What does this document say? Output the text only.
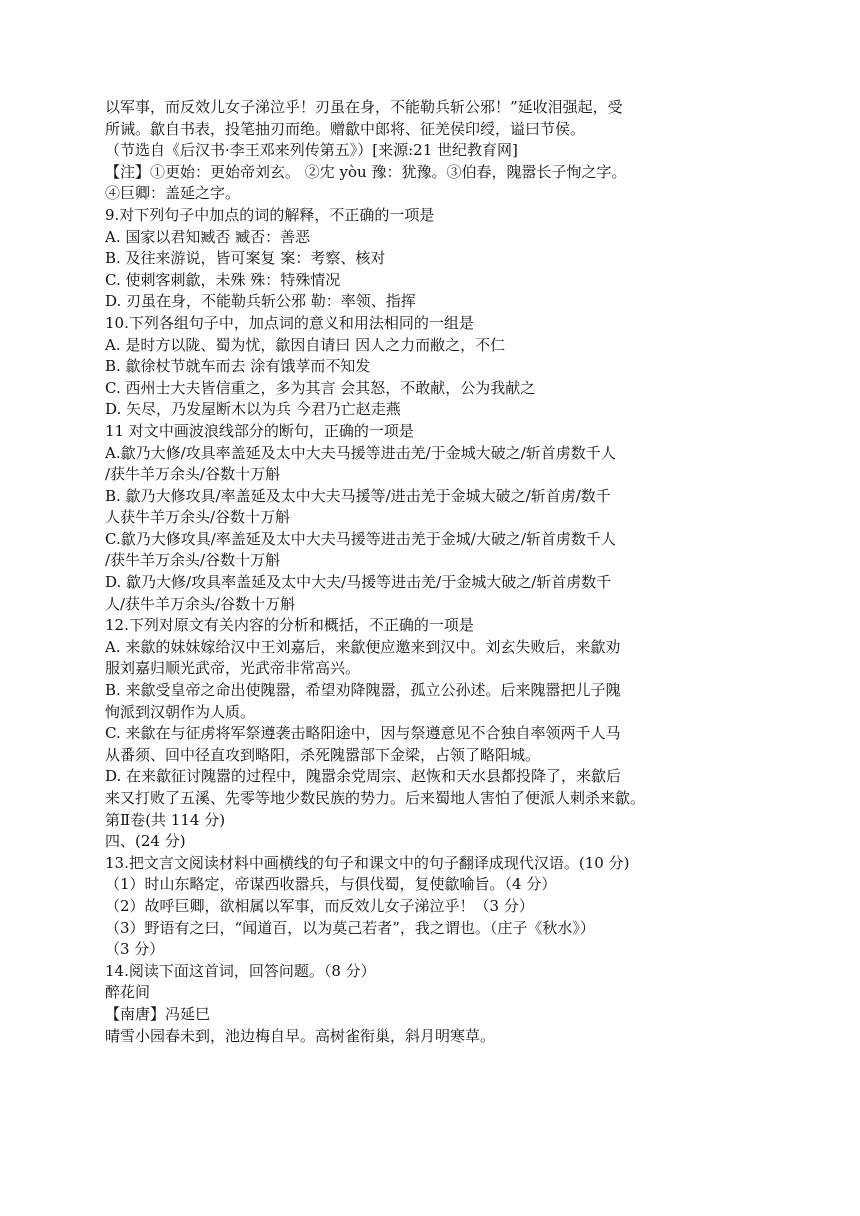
以军事，而反效儿女子涕泣乎！刃虽在身，不能勒兵斩公邪！”延收泪强起，受
所诫。歙自书表，投笔抽刃而绝。赠歙中郎将、征羌侯印绶，谥曰节侯。
（节选自《后汉书·李王邓来列传第五》）[来源:21 世纪教育网]
【注】①更始：更始帝刘玄。 ②冘 yòu 豫：犹豫。③伯春，隗嚣长子恂之字。
④巨卿：盖延之字。
9.对下列句子中加点的词的解释，不正确的一项是
A. 国家以君知臧否 臧否：善恶
B. 及往来游说，皆可案复 案：考察、核对
C. 使刺客刺歙，未殊 殊：特殊情况
D. 刃虽在身，不能勒兵斩公邪 勒：率领、指挥
10.下列各组句子中，加点词的意义和用法相同的一组是
A. 是时方以陇、蜀为忧，歙因自请曰 因人之力而敝之，不仁
B. 歙徐杖节就车而去 涂有饿莩而不知发
C. 西州士大夫皆信重之，多为其言 会其怒，不敢献，公为我献之
D. 矢尽，乃发屋断木以为兵 今君乃亡赵走燕
11 对文中画波浪线部分的断句，正确的一项是
A.歙乃大修/攻具率盖延及太中大夫马援等进击羌/于金城大破之/斩首虏数千人
/获牛羊万余头/谷数十万斛
B. 歙乃大修攻具/率盖延及太中大夫马援等/进击羌于金城大破之/斩首虏/数千
人获牛羊万余头/谷数十万斛
C.歙乃大修攻具/率盖延及太中大夫马援等进击羌于金城/大破之/斩首虏数千人
/获牛羊万余头/谷数十万斛
D. 歙乃大修/攻具率盖延及太中大夫/马援等进击羌/于金城大破之/斩首虏数千
人/获牛羊万余头/谷数十万斛
12.下列对原文有关内容的分析和概括，不正确的一项是
A. 来歙的妹妹嫁给汉中王刘嘉后，来歙便应邀来到汉中。刘玄失败后，来歙劝
服刘嘉归顺光武帝，光武帝非常高兴。
B. 来歙受皇帝之命出使隗嚣，希望劝降隗嚣，孤立公孙述。后来隗嚣把儿子隗
恂派到汉朝作为人质。
C. 来歙在与征虏将军祭遵袭击略阳途中，因与祭遵意见不合独自率领两千人马
从番须、回中径直攻到略阳，杀死隗嚣部下金梁，占领了略阳城。
D. 在来歙征讨隗嚣的过程中，隗嚣余党周宗、赵恢和天水县都投降了，来歙后
来又打败了五溪、先零等地少数民族的势力。后来蜀地人害怕了便派人刺杀来歙。
第Ⅱ卷(共 114 分)
四、(24 分)
13.把文言文阅读材料中画横线的句子和课文中的句子翻译成现代汉语。(10 分)
（1）时山东略定，帝谋西收嚣兵，与俱伐蜀，复使歙喻旨。（4 分）
（2）故呼巨卿，欲相属以军事，而反效儿女子涕泣乎！（3 分）
（3）野语有之曰，“闻道百，以为莫己若者”，我之谓也。（庄子《秋水》）
（3 分）
14.阅读下面这首词，回答问题。（8 分）
醉花间
【南唐】冯延巳
晴雪小园春未到，池边梅自早。高树雀衔巢，斜月明寒草。
